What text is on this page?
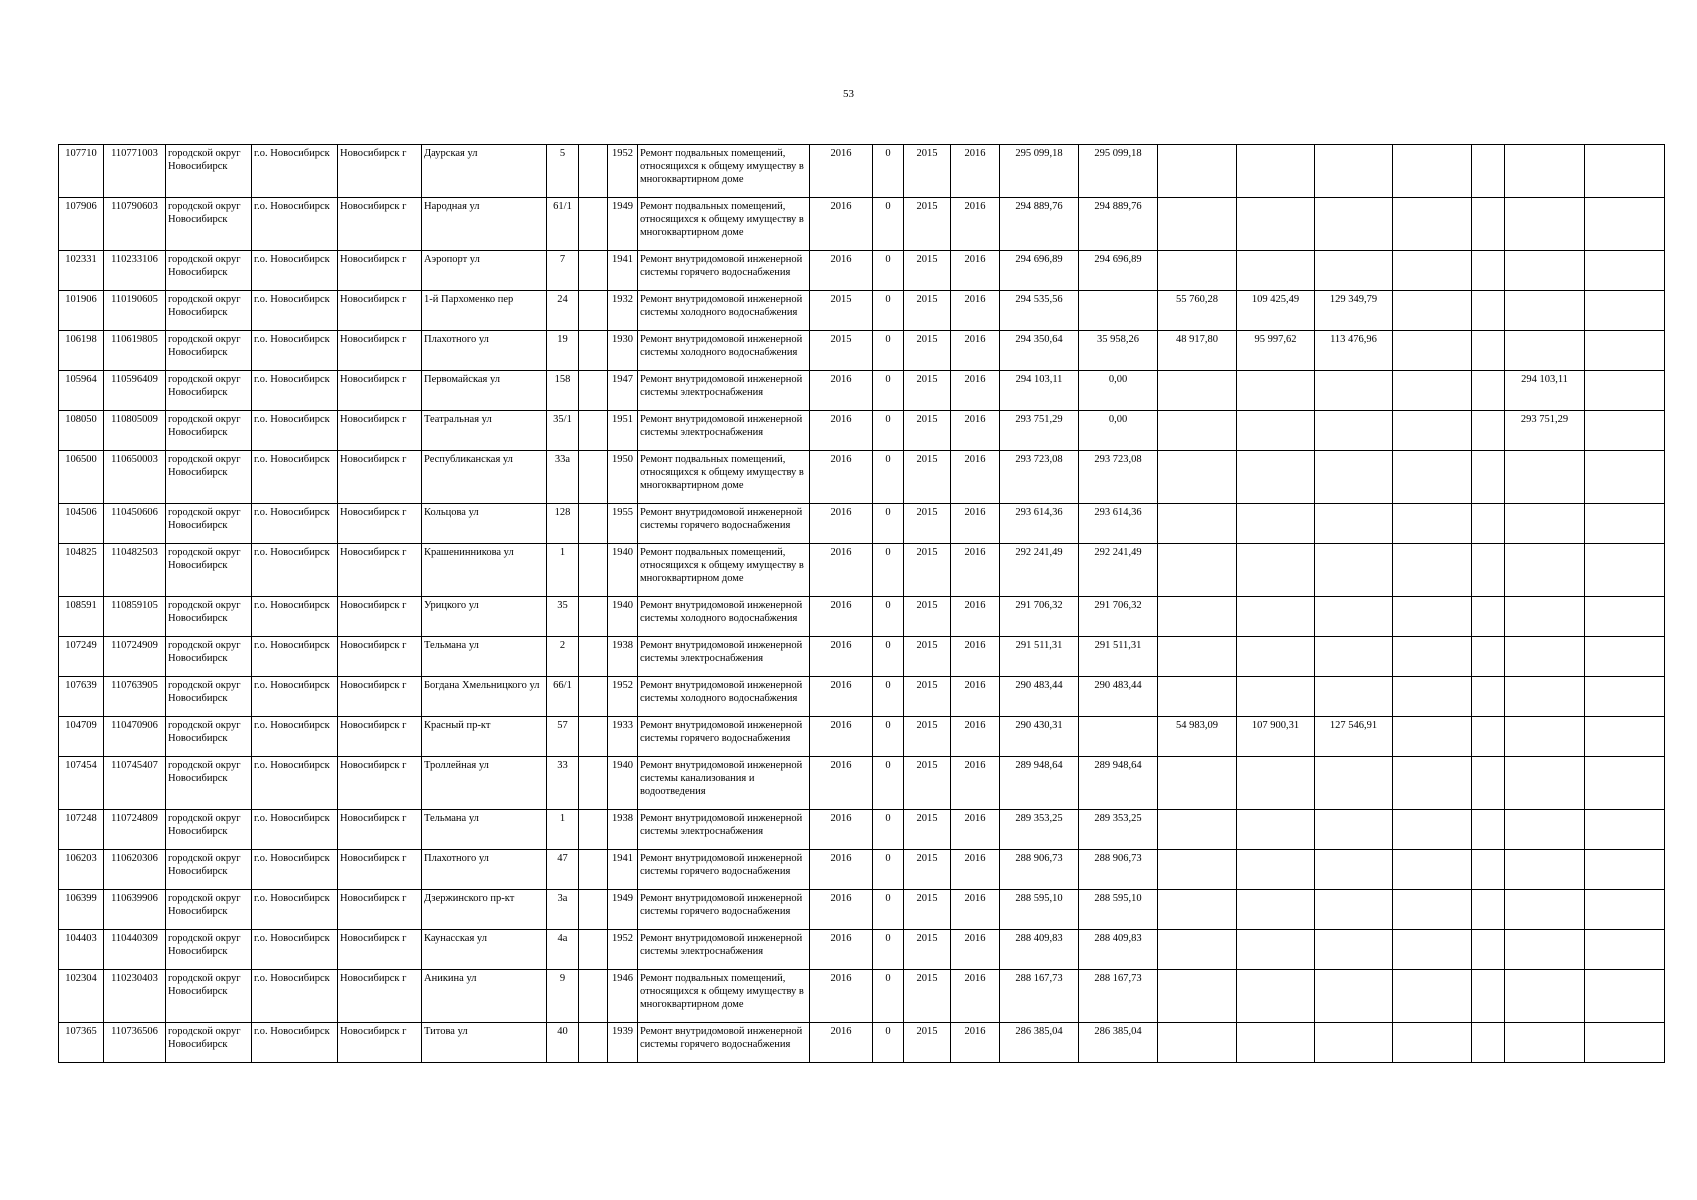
53
107710	110771003	городской округ Новосибирск	г.о. Новосибирск	Новосибирск г	Даурская ул	5		1952	Ремонт подвальных помещений, относящихся к общему имуществу в многоквартирном доме	2016	0	2015	2016	295 099,18	295 099,18							
107906	110790603	городской округ Новосибирск	г.о. Новосибирск	Новосибирск г	Народная ул	61/1		1949	Ремонт подвальных помещений, относящихся к общему имуществу в многоквартирном доме	2016	0	2015	2016	294 889,76	294 889,76							
102331	110233106	городской округ Новосибирск	г.о. Новосибирск	Новосибирск г	Аэропорт ул	7		1941	Ремонт внутридомовой инженерной системы горячего водоснабжения	2016	0	2015	2016	294 696,89	294 696,89							
101906	110190605	городской округ Новосибирск	г.о. Новосибирск	Новосибирск г	1-й Пархоменко пер	24		1932	Ремонт внутридомовой инженерной системы холодного водоснабжения	2015	0	2015	2016	294 535,56		55 760,28	109 425,49	129 349,79				
106198	110619805	городской округ Новосибирск	г.о. Новосибирск	Новосибирск г	Плахотного ул	19		1930	Ремонт внутридомовой инженерной системы холодного водоснабжения	2015	0	2015	2016	294 350,64	35 958,26	48 917,80	95 997,62	113 476,96				
105964	110596409	городской округ Новосибирск	г.о. Новосибирск	Новосибирск г	Первомайская ул	158		1947	Ремонт внутридомовой инженерной системы электроснабжения	2016	0	2015	2016	294 103,11	0,00						294 103,11	
108050	110805009	городской округ Новосибирск	г.о. Новосибирск	Новосибирск г	Театральная ул	35/1		1951	Ремонт внутридомовой инженерной системы электроснабжения	2016	0	2015	2016	293 751,29	0,00						293 751,29	
106500	110650003	городской округ Новосибирск	г.о. Новосибирск	Новосибирск г	Республиканская ул	33а		1950	Ремонт подвальных помещений, относящихся к общему имуществу в многоквартирном доме	2016	0	2015	2016	293 723,08	293 723,08							
104506	110450606	городской округ Новосибирск	г.о. Новосибирск	Новосибирск г	Кольцова ул	128		1955	Ремонт внутридомовой инженерной системы горячего водоснабжения	2016	0	2015	2016	293 614,36	293 614,36							
104825	110482503	городской округ Новосибирск	г.о. Новосибирск	Новосибирск г	Крашенинникова ул	1		1940	Ремонт подвальных помещений, относящихся к общему имуществу в многоквартирном доме	2016	0	2015	2016	292 241,49	292 241,49							
108591	110859105	городской округ Новосибирск	г.о. Новосибирск	Новосибирск г	Урицкого ул	35		1940	Ремонт внутридомовой инженерной системы холодного водоснабжения	2016	0	2015	2016	291 706,32	291 706,32							
107249	110724909	городской округ Новосибирск	г.о. Новосибирск	Новосибирск г	Тельмана ул	2		1938	Ремонт внутридомовой инженерной системы электроснабжения	2016	0	2015	2016	291 511,31	291 511,31							
107639	110763905	городской округ Новосибирск	г.о. Новосибирск	Новосибирск г	Богдана Хмельницкого ул	66/1		1952	Ремонт внутридомовой инженерной системы холодного водоснабжения	2016	0	2015	2016	290 483,44	290 483,44							
104709	110470906	городской округ Новосибирск	г.о. Новосибирск	Новосибирск г	Красный пр-кт	57		1933	Ремонт внутридомовой инженерной системы горячего водоснабжения	2016	0	2015	2016	290 430,31		54 983,09	107 900,31	127 546,91				
107454	110745407	городской округ Новосибирск	г.о. Новосибирск	Новосибирск г	Троллейная ул	33		1940	Ремонт внутридомовой инженерной системы канализования и водоотведения	2016	0	2015	2016	289 948,64	289 948,64							
107248	110724809	городской округ Новосибирск	г.о. Новосибирск	Новосибирск г	Тельмана ул	1		1938	Ремонт внутридомовой инженерной системы электроснабжения	2016	0	2015	2016	289 353,25	289 353,25							
106203	110620306	городской округ Новосибирск	г.о. Новосибирск	Новосибирск г	Плахотного ул	47		1941	Ремонт внутридомовой инженерной системы горячего водоснабжения	2016	0	2015	2016	288 906,73	288 906,73							
106399	110639906	городской округ Новосибирск	г.о. Новосибирск	Новосибирск г	Дзержинского пр-кт	3а		1949	Ремонт внутридомовой инженерной системы горячего водоснабжения	2016	0	2015	2016	288 595,10	288 595,10							
104403	110440309	городской округ Новосибирск	г.о. Новосибирск	Новосибирск г	Каунасская ул	4а		1952	Ремонт внутридомовой инженерной системы электроснабжения	2016	0	2015	2016	288 409,83	288 409,83							
102304	110230403	городской округ Новосибирск	г.о. Новосибирск	Новосибирск г	Аникина ул	9		1946	Ремонт подвальных помещений, относящихся к общему имуществу в многоквартирном доме	2016	0	2015	2016	288 167,73	288 167,73							
107365	110736506	городской округ Новосибирск	г.о. Новосибирск	Новосибирск г	Титова ул	40		1939	Ремонт внутридомовой инженерной системы горячего водоснабжения	2016	0	2015	2016	286 385,04	286 385,04							
